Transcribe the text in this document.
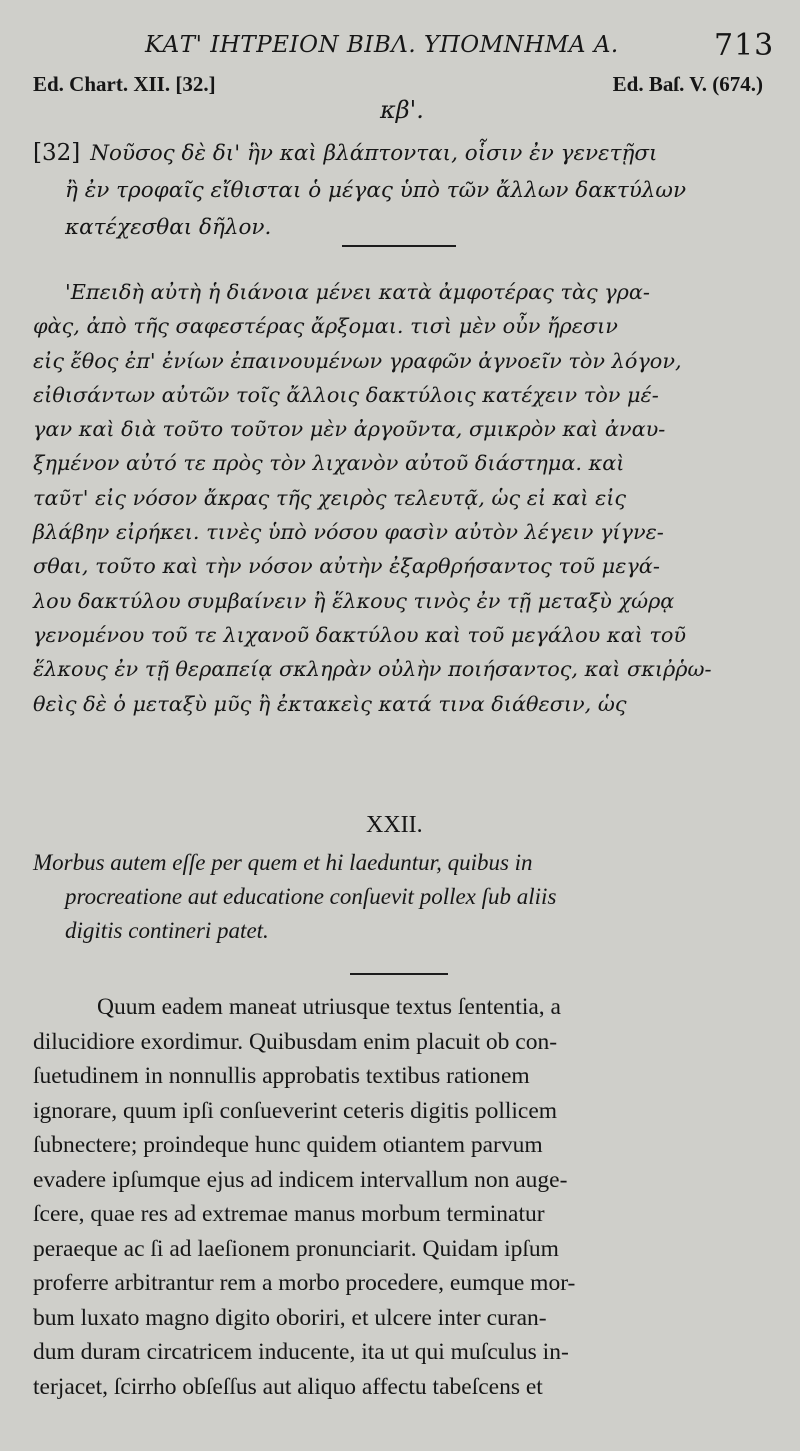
ΚΑΤ' ΙΗΤΡΕΙΟΝ ΒΙΒΛ. ΥΠΟΜΝΗΜΑ Α.	713
Ed. Chart. XII. [32.]	Ed. Baſ. V. (674.)
κβ'.
[32] Νοῦσος δὲ δι' ἣν καὶ βλάπτονται, οἷσιν ἐν γενετῇσι
ἢ ἐν τροφαῖς εἴθισται ὁ μέγας ὑπὸ τῶν ἄλλων δακτύλων
κατέχεσθαι δῆλον.
'Επειδὴ αὐτὴ ἡ διάνοια μένει κατὰ ἀμφοτέρας τὰς γρα-
φὰς, ἀπὸ τῆς σαφεστέρας ἄρξομαι. τισὶ μὲν οὖν ἤρεσιν
εἰς ἔθος ἐπ' ἐνίων ἐπαινουμένων γραφῶν ἀγνοεῖν τὸν λόγον,
εἰθισάντων αὐτῶν τοῖς ἄλλοις δακτύλοις κατέχειν τὸν μέ-
γαν καὶ διὰ τοῦτο τοῦτον μὲν ἀργοῦντα, σμικρὸν καὶ ἀναυ-
ξημένον αὐτό τε πρὸς τὸν λιχανὸν αὐτοῦ διάστημα. καὶ
ταῦτ' εἰς νόσον ἄκρας τῆς χειρὸς τελευτᾷ, ὡς εἰ καὶ εἰς
βλάβην εἰρήκει. τινὲς ὑπὸ νόσου φασὶν αὐτὸν λέγειν γίγνε-
σθαι, τοῦτο καὶ τὴν νόσον αὐτὴν ἐξαρθρήσαντος τοῦ μεγά-
λου δακτύλου συμβαίνειν ἢ ἕλκους τινὸς ἐν τῇ μεταξὺ χώρᾳ
γενομένου τοῦ τε λιχανοῦ δακτύλου καὶ τοῦ μεγάλου καὶ τοῦ
ἕλκους ἐν τῇ θεραπείᾳ σκληρὰν οὐλὴν ποιήσαντος, καὶ σκιῤῥω-
θεὶς δὲ ὁ μεταξὺ μῦς ἢ ἐκτακεὶς κατά τινα διάθεσιν, ὡς
XXII.
Morbus autem eſſe per quem et hi laeduntur, quibus in
procreatione aut educatione conſuevit pollex ſub aliis
digitis contineri patet.
Quum eadem maneat utriusque textus ſententia, a
dilucidiore exordimur. Quibusdam enim placuit ob con-
ſuetudinem in nonnullis approbatis textibus rationem
ignorare, quum ipſi conſueverint ceteris digitis pollicem
ſubnectere; proindeque hunc quidem otiantem parvum
evadere ipſumque ejus ad indicem intervallum non auge-
ſcere, quae res ad extremae manus morbum terminatur
peraeque ac ſi ad laeſionem pronunciarit. Quidam ipſum
proferre arbitrantur rem a morbo procedere, eumque mor-
bum luxato magno digito oboriri, et ulcere inter curan-
dum duram circatricem inducente, ita ut qui muſculus in-
terjacet, ſcirrho obſeſſus aut aliquo affectu tabeſcens et
